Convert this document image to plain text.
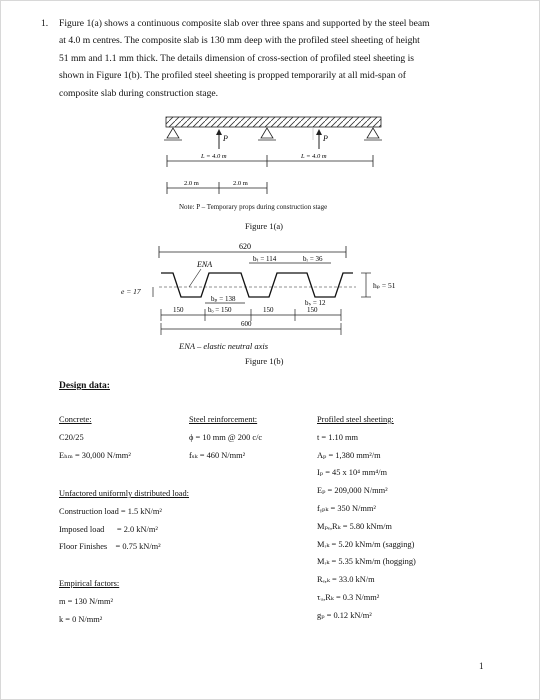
1. Figure 1(a) shows a continuous composite slab over three spans and supported by the steel beam
at 4.0 m centres. The composite slab is 130 mm deep with the profiled steel sheeting of height
51 mm and 1.1 mm thick. The details dimension of cross-section of profiled steel sheeting is
shown in Figure 1(b). The profiled steel sheeting is propped temporarily at all mid-span of
composite slab during construction stage.
P	P
L = 4.0 m	L = 4.0 m
2.0 m	2.0 m
Note: P – Temporary props during construction stage
Figure 1(a)
620
ENA
bₜ = 114	bᵣ = 36
hₚ = 51
e = 17
bₚ = 138	bₛ = 12
150	bₒ = 150	150	150
600
ENA – elastic neutral axis
Figure 1(b)
Design data:
Concrete:
C20/25
Eₕₘ = 30,000 N/mm²
Steel reinforcement:
ϕ = 10 mm @ 200 c/c
fₛₖ = 460 N/mm²
Profiled steel sheeting:
t = 1.10 mm
Aₚ = 1,380 mm²/m
Iₚ = 45 x 10⁴ mm⁴/m
Eₚ = 209,000 N/mm²
fᵧₚₖ = 350 N/mm²
Mₚₑ,Rₖ = 5.80 kNm/m
Mᵣₖ = 5.20 kNm/m (sagging)
Mᵣₖ = 5.35 kNm/m (hogging)
Rₑ,ₖ = 33.0 kN/m
τᵤ,Rₖ = 0.3 N/mm²
gₚ = 0.12 kN/m²
Unfactored uniformly distributed load:
Construction load = 1.5 kN/m²
Imposed load      = 2.0 kN/m²
Floor Finishes    = 0.75 kN/m²
Empirical factors:
m = 130 N/mm²
k = 0 N/mm²
1
